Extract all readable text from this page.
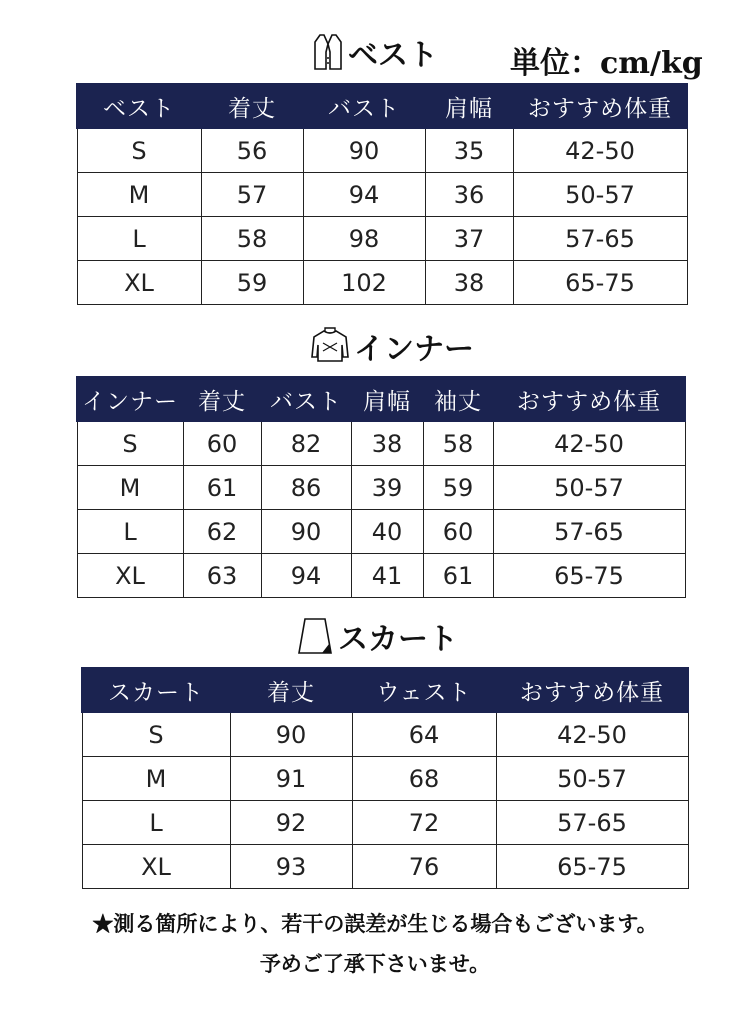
ベスト 単位：cm/kg
ベスト	着丈	バスト	肩幅	おすすめ体重
S	56	90	35	42-50
M	57	94	36	50-57
L	58	98	37	57-65
XL	59	102	38	65-75
インナー
インナー	着丈	バスト	肩幅	袖丈	おすすめ体重
S	60	82	38	58	42-50
M	61	86	39	59	50-57
L	62	90	40	60	57-65
XL	63	94	41	61	65-75
スカート
スカート	着丈	ウェスト	おすすめ体重
S	90	64	42-50
M	91	68	50-57
L	92	72	57-65
XL	93	76	65-75
★測る箇所により、若干の誤差が生じる場合もございます。
予めご了承下さいませ。
